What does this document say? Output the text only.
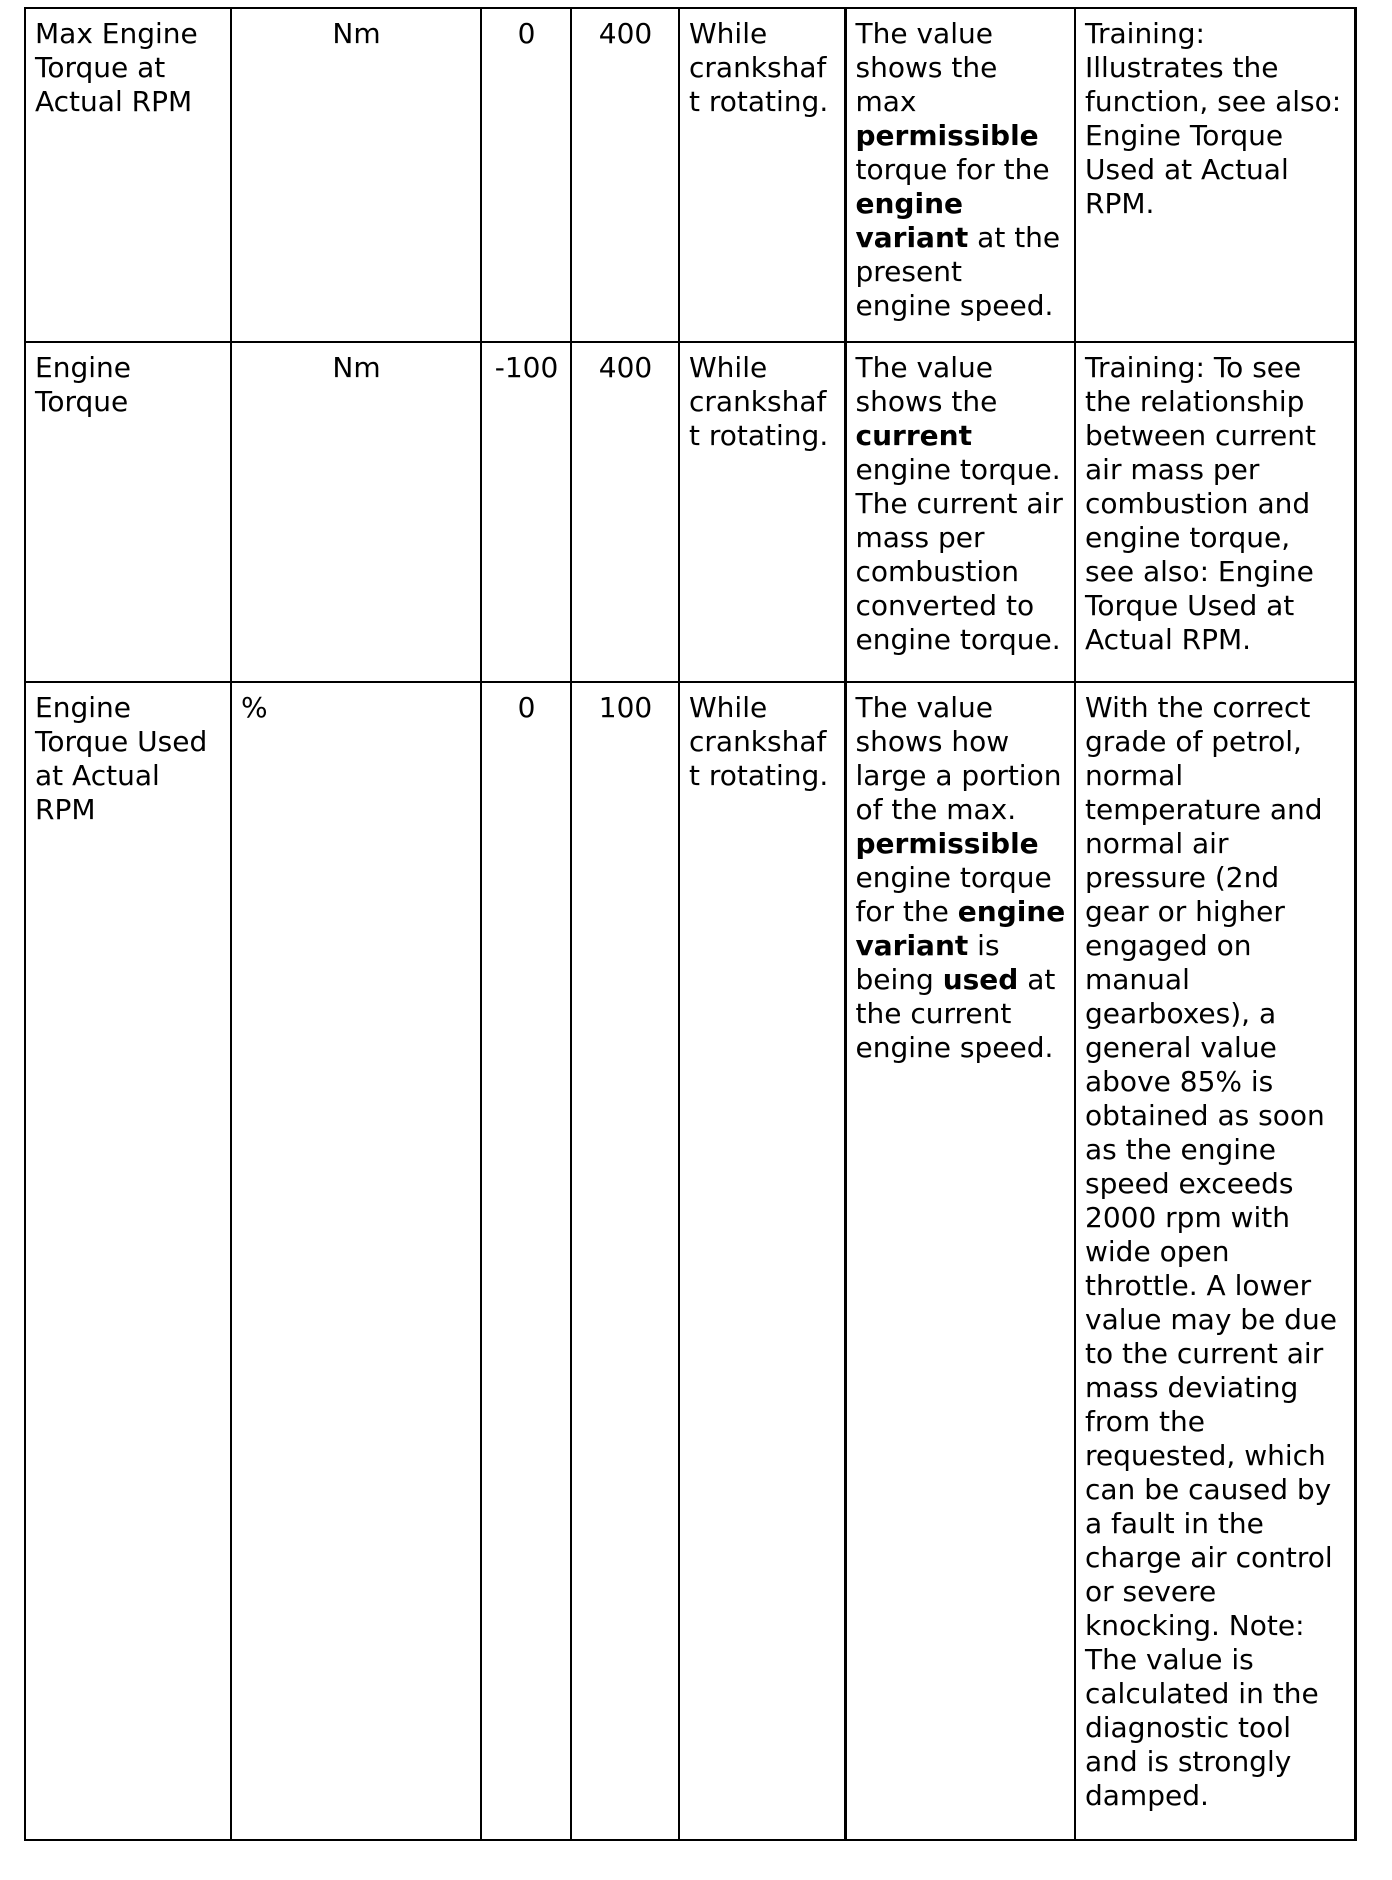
Max Engine Torque at Actual RPM	Nm	0	400	While crankshaft rotating.	The value shows the max permissible torque for the engine variant at the present engine speed.	Training: Illustrates the function, see also: Engine Torque Used at Actual RPM.
Engine Torque	Nm	-100	400	While crankshaft rotating.	The value shows the current engine torque. The current air mass per combustion converted to engine torque.	Training: To see the relationship between current air mass per combustion and engine torque, see also: Engine Torque Used at Actual RPM.
Engine Torque Used at Actual RPM	%	0	100	While crankshaft rotating.	The value shows how large a portion of the max. permissible engine torque for the engine variant is being used at the current engine speed.	With the correct grade of petrol, normal temperature and normal air pressure (2nd gear or higher engaged on manual gearboxes), a general value above 85% is obtained as soon as the engine speed exceeds 2000 rpm with wide open throttle. A lower value may be due to the current air mass deviating from the requested, which can be caused by a fault in the charge air control or severe knocking. Note: The value is calculated in the diagnostic tool and is strongly damped.
